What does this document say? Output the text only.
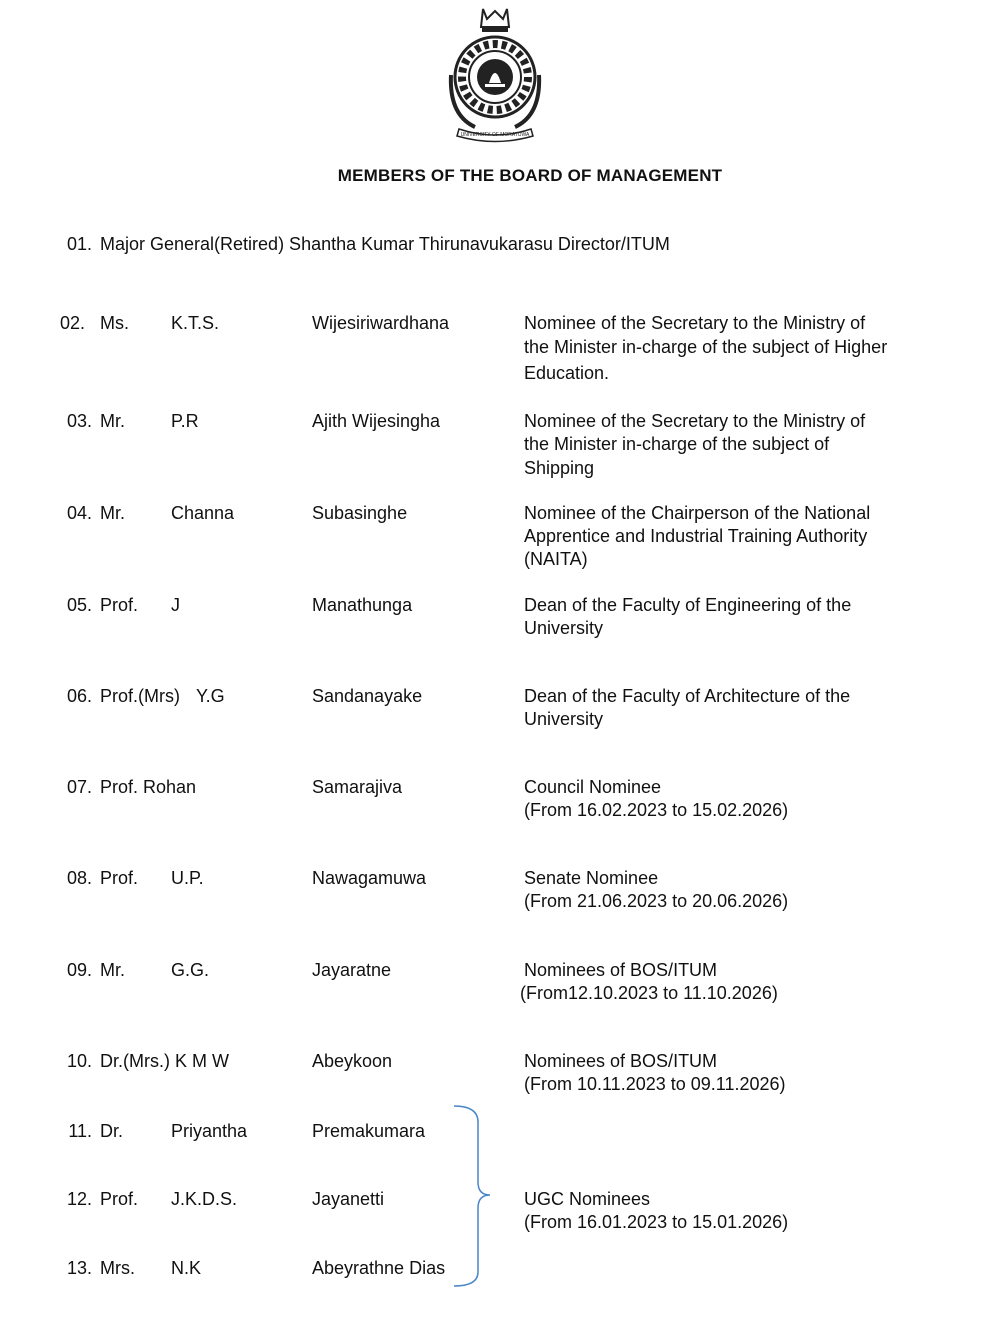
UNIVERSITY OF MORATUWA
MEMBERS OF THE BOARD OF MANAGEMENT
01. Major General(Retired) Shantha Kumar Thirunavukarasu Director/ITUM
02. Ms. K.T.S.	Wijesiriwardhana	Nominee of the Secretary to the Ministry of
the Minister in-charge of the subject of Higher
Education.
03. Mr.	P.R	Ajith Wijesingha	Nominee of the Secretary to the Ministry of
the Minister in-charge of the subject of
Shipping
04. Mr.	Channa	Subasinghe	Nominee of the Chairperson of the National
Apprentice and Industrial Training Authority
(NAITA)
05. Prof. J	Manathunga	Dean of the Faculty of Engineering of the
University
06. Prof.(Mrs) Y.G	Sandanayake	Dean of the Faculty of Architecture of the
University
07. Prof. Rohan	Samarajiva	Council Nominee
(From 16.02.2023 to 15.02.2026)
08. Prof. U.P.	Nawagamuwa	Senate Nominee
(From 21.06.2023 to 20.06.2026)
09. Mr.	G.G.	Jayaratne	Nominees of BOS/ITUM
(From12.10.2023 to 11.10.2026)
10. Dr.(Mrs.) K M W	Abeykoon	Nominees of BOS/ITUM
(From 10.11.2023 to 09.11.2026)
11. Dr.	Priyantha	Premakumara
12. Prof. J.K.D.S.	Jayanetti
13. Mrs. N.K	Abeyrathne Dias
UGC Nominees
(From 16.01.2023 to 15.01.2026)
